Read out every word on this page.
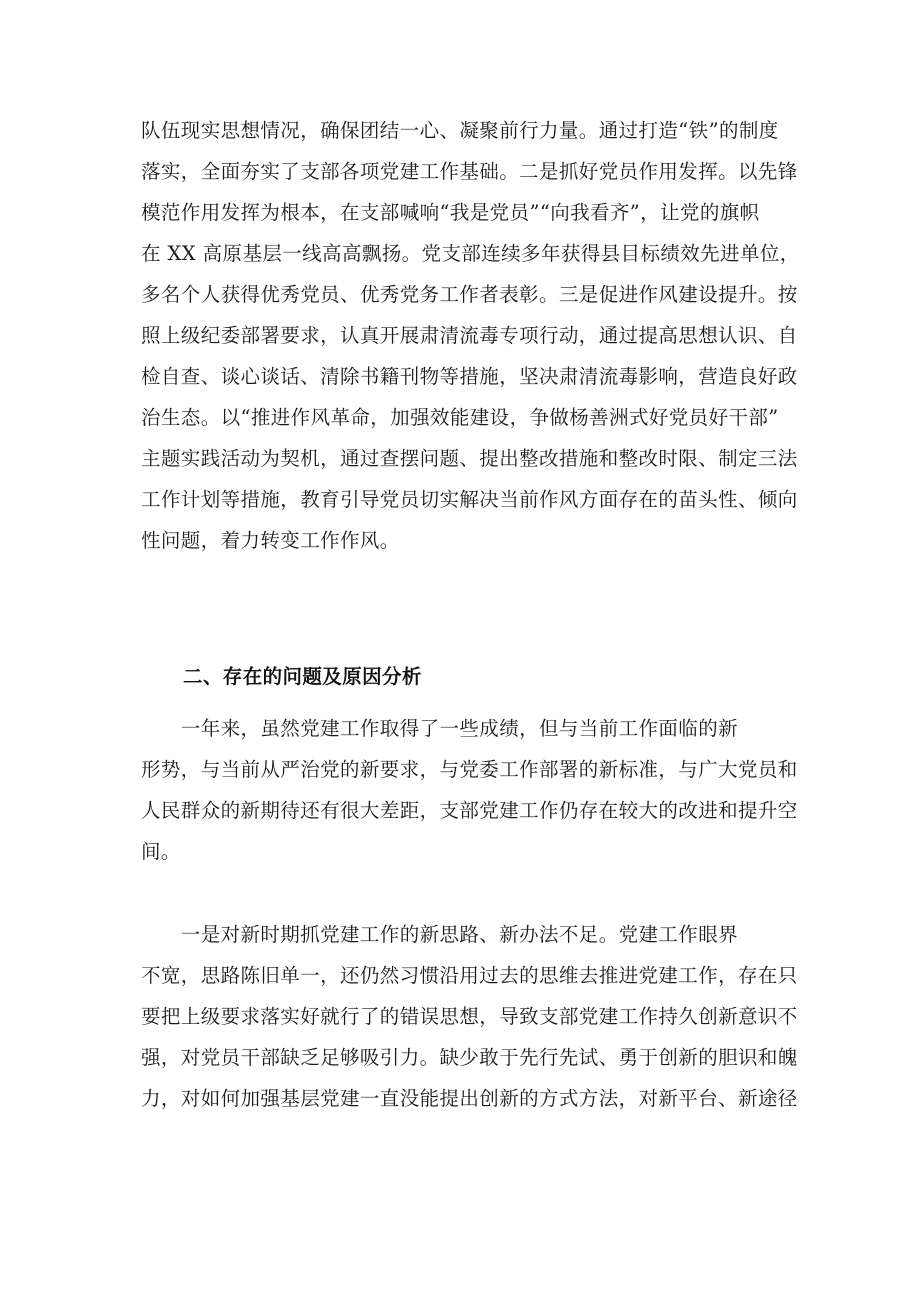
队伍现实思想情况，确保团结一心、凝聚前行力量。通过打造“铁”的制度
落实，全面夯实了支部各项党建工作基础。二是抓好党员作用发挥。以先锋
模范作用发挥为根本，在支部喊响“我是党员”“向我看齐”，让党的旗帜
在 XX 高原基层一线高高飘扬。党支部连续多年获得县目标绩效先进单位，
多名个人获得优秀党员、优秀党务工作者表彰。三是促进作风建设提升。按
照上级纪委部署要求，认真开展肃清流毒专项行动，通过提高思想认识、自
检自查、谈心谈话、清除书籍刊物等措施，坚决肃清流毒影响，营造良好政
治生态。以“推进作风革命，加强效能建设，争做杨善洲式好党员好干部”
主题实践活动为契机，通过查摆问题、提出整改措施和整改时限、制定三法
工作计划等措施，教育引导党员切实解决当前作风方面存在的苗头性、倾向
性问题，着力转变工作作风。

二、存在的问题及原因分析

　　一年来，虽然党建工作取得了一些成绩，但与当前工作面临的新
形势，与当前从严治党的新要求，与党委工作部署的新标准，与广大党员和
人民群众的新期待还有很大差距，支部党建工作仍存在较大的改进和提升空
间。

　　一是对新时期抓党建工作的新思路、新办法不足。党建工作眼界
不宽，思路陈旧单一，还仍然习惯沿用过去的思维去推进党建工作，存在只
要把上级要求落实好就行了的错误思想，导致支部党建工作持久创新意识不
强，对党员干部缺乏足够吸引力。缺少敢于先行先试、勇于创新的胆识和魄
力，对如何加强基层党建一直没能提出创新的方式方法，对新平台、新途径
